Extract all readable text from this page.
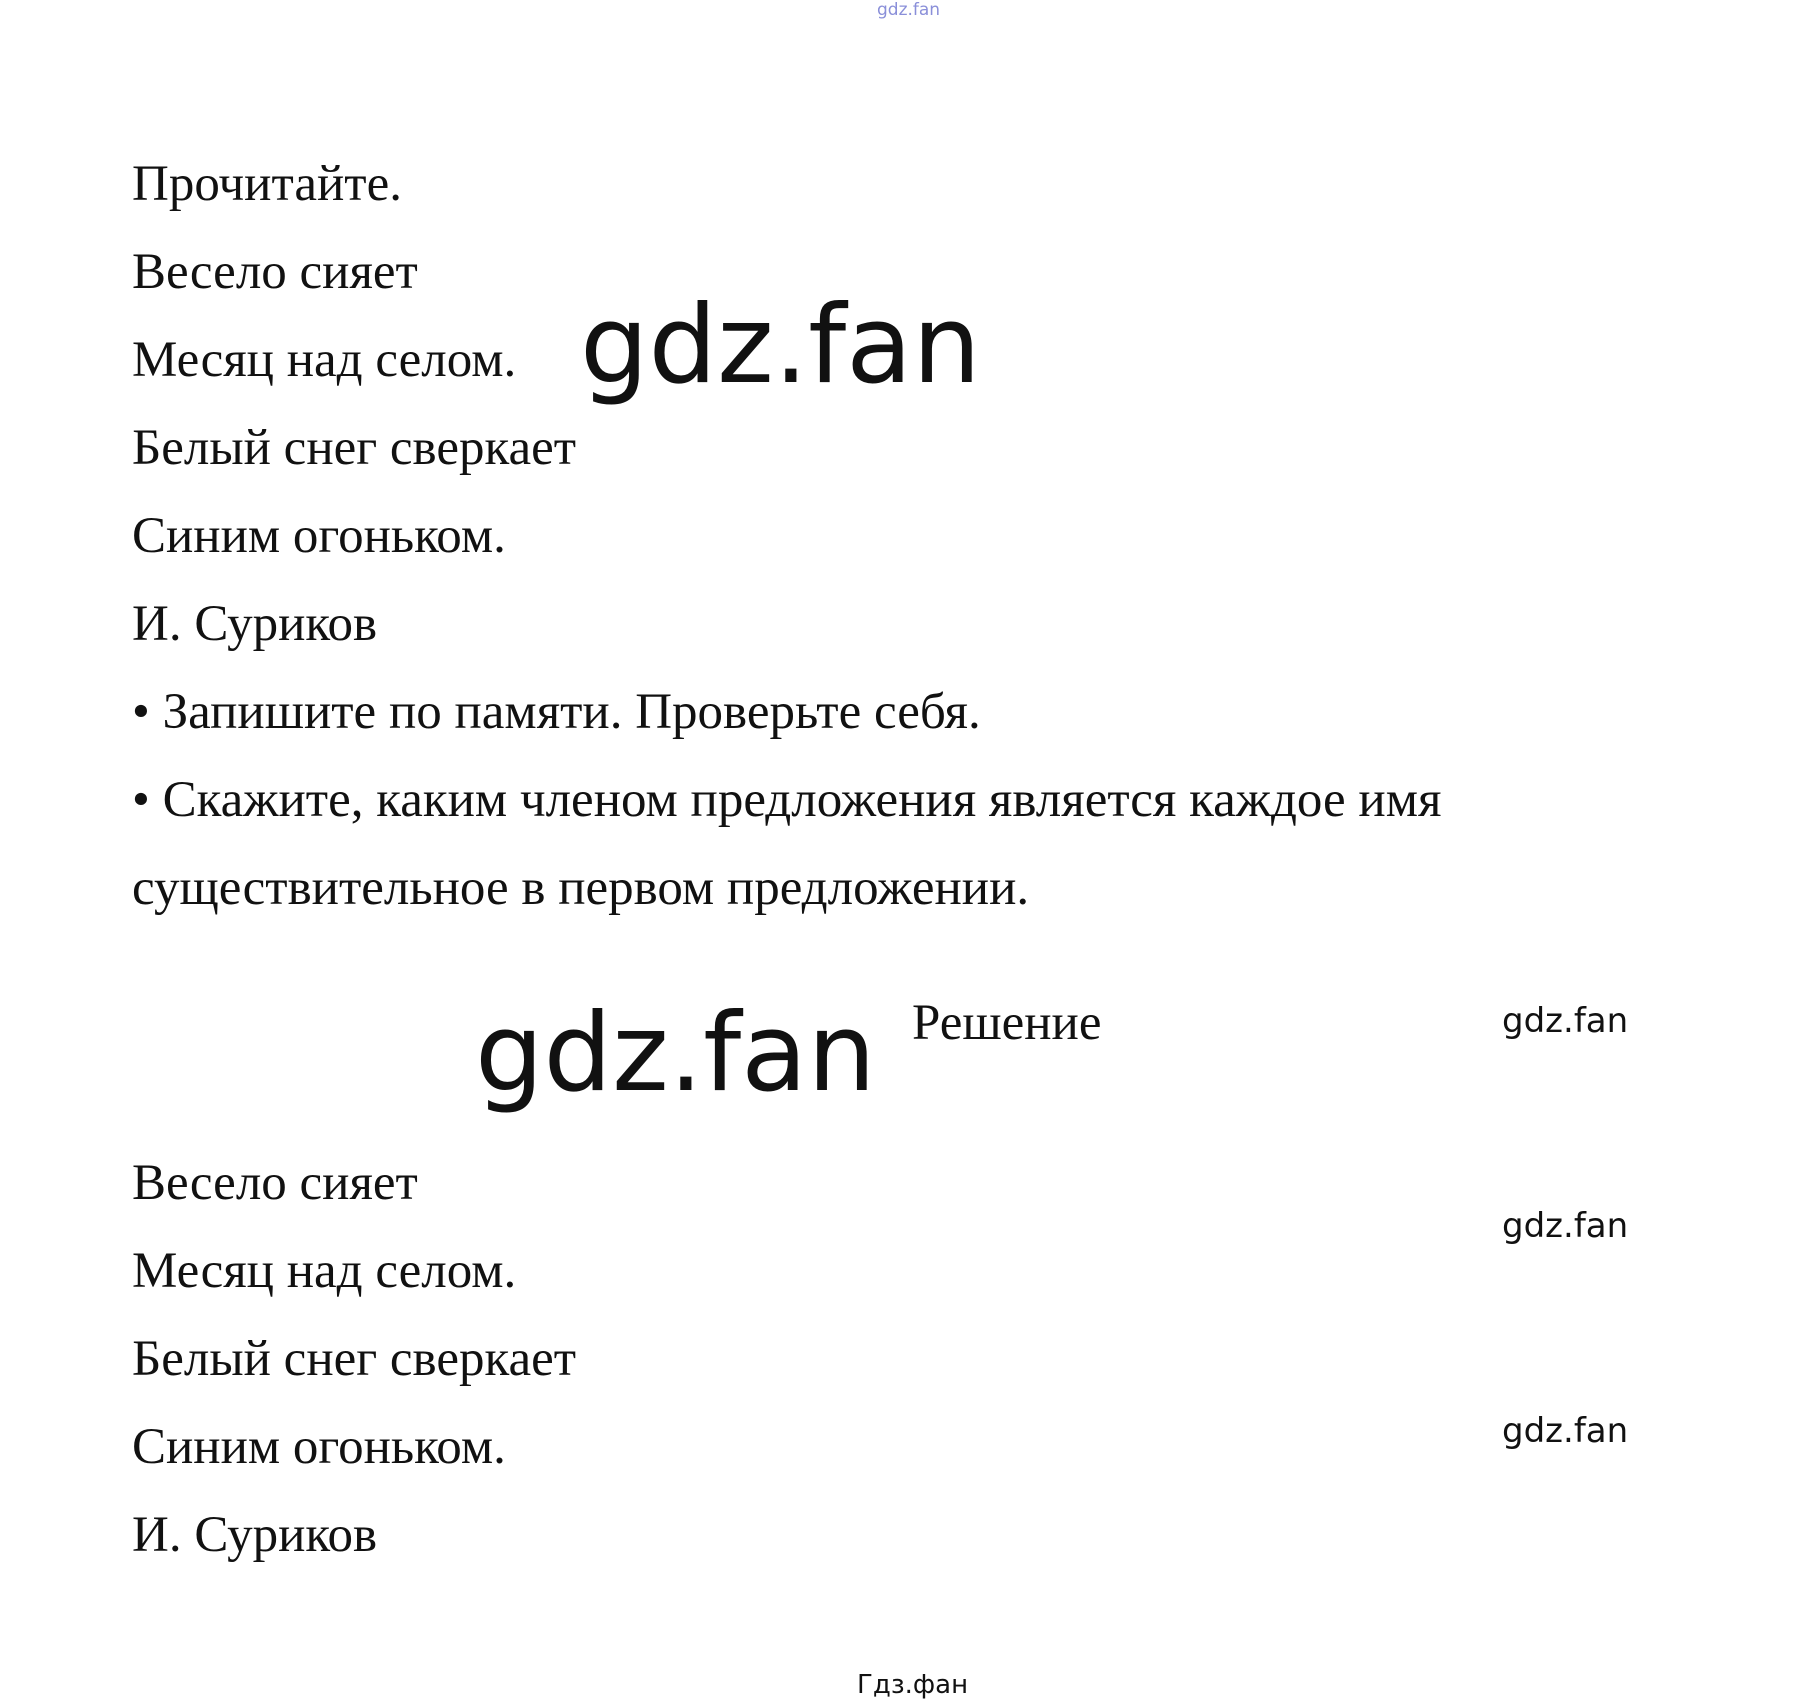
gdz.fan
Прочитайте.
Весело сияет
Месяц над селом.
Белый снег сверкает
Синим огоньком.
И. Суриков
• Запишите по памяти. Проверьте себя.
• Скажите, каким членом предложения является каждое имя
существительное в первом предложении.
gdz.fan
gdz.fan Решение	gdz.fan
gdz.fan
gdz.fan
Весело сияет
Месяц над селом.
Белый снег сверкает
Синим огоньком.
И. Суриков
Гдз.фан
